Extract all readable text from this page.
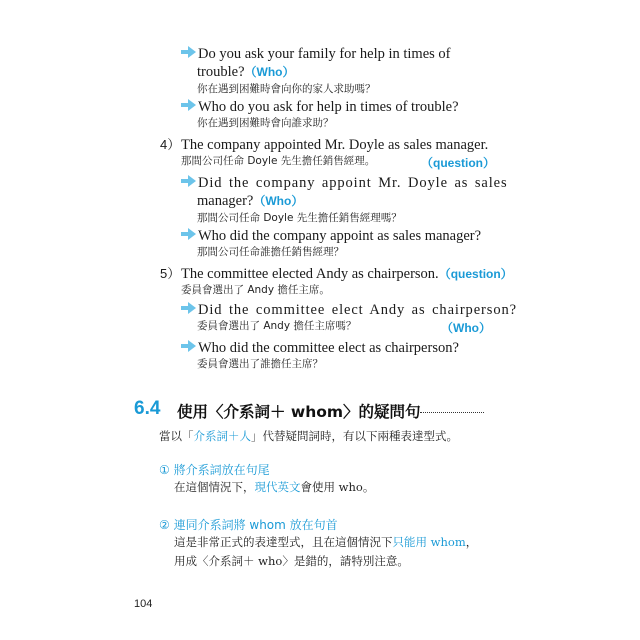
Do you ask your family for help in times of
trouble?（Who）
你在遇到困難時會向你的家人求助嗎？
Who do you ask for help in times of trouble?
你在遇到困難時會向誰求助？
4） The company appointed Mr. Doyle as sales manager.
那間公司任命 Doyle 先生擔任銷售經理。	（question）
Did the company appoint Mr. Doyle as sales
manager?（Who）
那間公司任命 Doyle 先生擔任銷售經理嗎？
Who did the company appoint as sales manager?
那間公司任命誰擔任銷售經理？
5） The committee elected Andy as chairperson.（question）
委員會選出了 Andy 擔任主席。
Did the committee elect Andy as chairperson?
委員會選出了 Andy 擔任主席嗎？	（Who）
Who did the committee elect as chairperson?
委員會選出了誰擔任主席？
6.4 使用〈介系詞＋ whom〉的疑問句
當以「介系詞＋人」代替疑問詞時，有以下兩種表達型式。
① 將介系詞放在句尾
在這個情況下，現代英文會使用 who。
② 連同介系詞將 whom 放在句首
這是非常正式的表達型式，且在這個情況下只能用 whom，
用成〈介系詞＋ who〉是錯的，請特別注意。
104
